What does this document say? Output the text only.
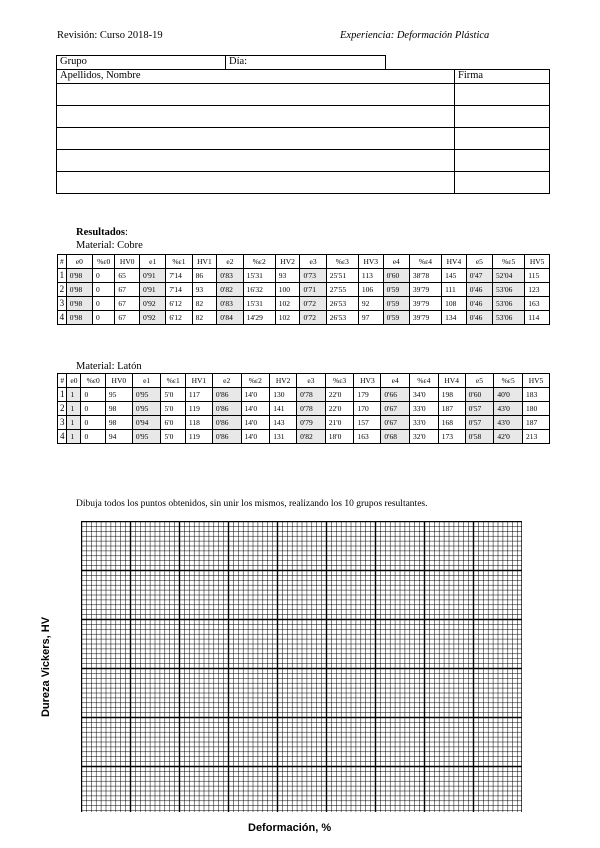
Revisión: Curso 2018-19	Experiencia: Deformación Plástica
Grupo	Día:
Apellidos, Nombre	Firma

Resultados:
Material: Cobre
#	e0	%ε0	HV0	e1	%ε1	HV1	e2	%ε2	HV2	e3	%ε3	HV3	e4	%ε4	HV4	e5	%ε5	HV5
1	0'98	0	65	0'91	7'14	86	0'83	15'31	93	0'73	25'51	113	0'60	38'78	145	0'47	52'04	115
2	0'98	0	67	0'91	7'14	93	0'82	16'32	100	0'71	27'55	106	0'59	39'79	111	0'46	53'06	123
3	0'98	0	67	0'92	6'12	82	0'83	15'31	102	0'72	26'53	92	0'59	39'79	108	0'46	53'06	163
4	0'98	0	67	0'92	6'12	82	0'84	14'29	102	0'72	26'53	97	0'59	39'79	134	0'46	53'06	114
Material: Latón
#	e0	%ε0	HV0	e1	%ε1	HV1	e2	%ε2	HV2	e3	%ε3	HV3	e4	%ε4	HV4	e5	%ε5	HV5
1	1	0	95	0'95	5'0	117	0'86	14'0	130	0'78	22'0	179	0'66	34'0	198	0'60	40'0	183
2	1	0	98	0'95	5'0	119	0'86	14'0	141	0'78	22'0	170	0'67	33'0	187	0'57	43'0	180
3	1	0	98	0'94	6'0	118	0'86	14'0	143	0'79	21'0	157	0'67	33'0	168	0'57	43'0	187
4	1	0	94	0'95	5'0	119	0'86	14'0	131	0'82	18'0	163	0'68	32'0	173	0'58	42'0	213
Dibuja todos los puntos obtenidos, sin unir los mismos, realizando los 10 grupos resultantes.
Dureza Vickers, HV
Deformación, %
